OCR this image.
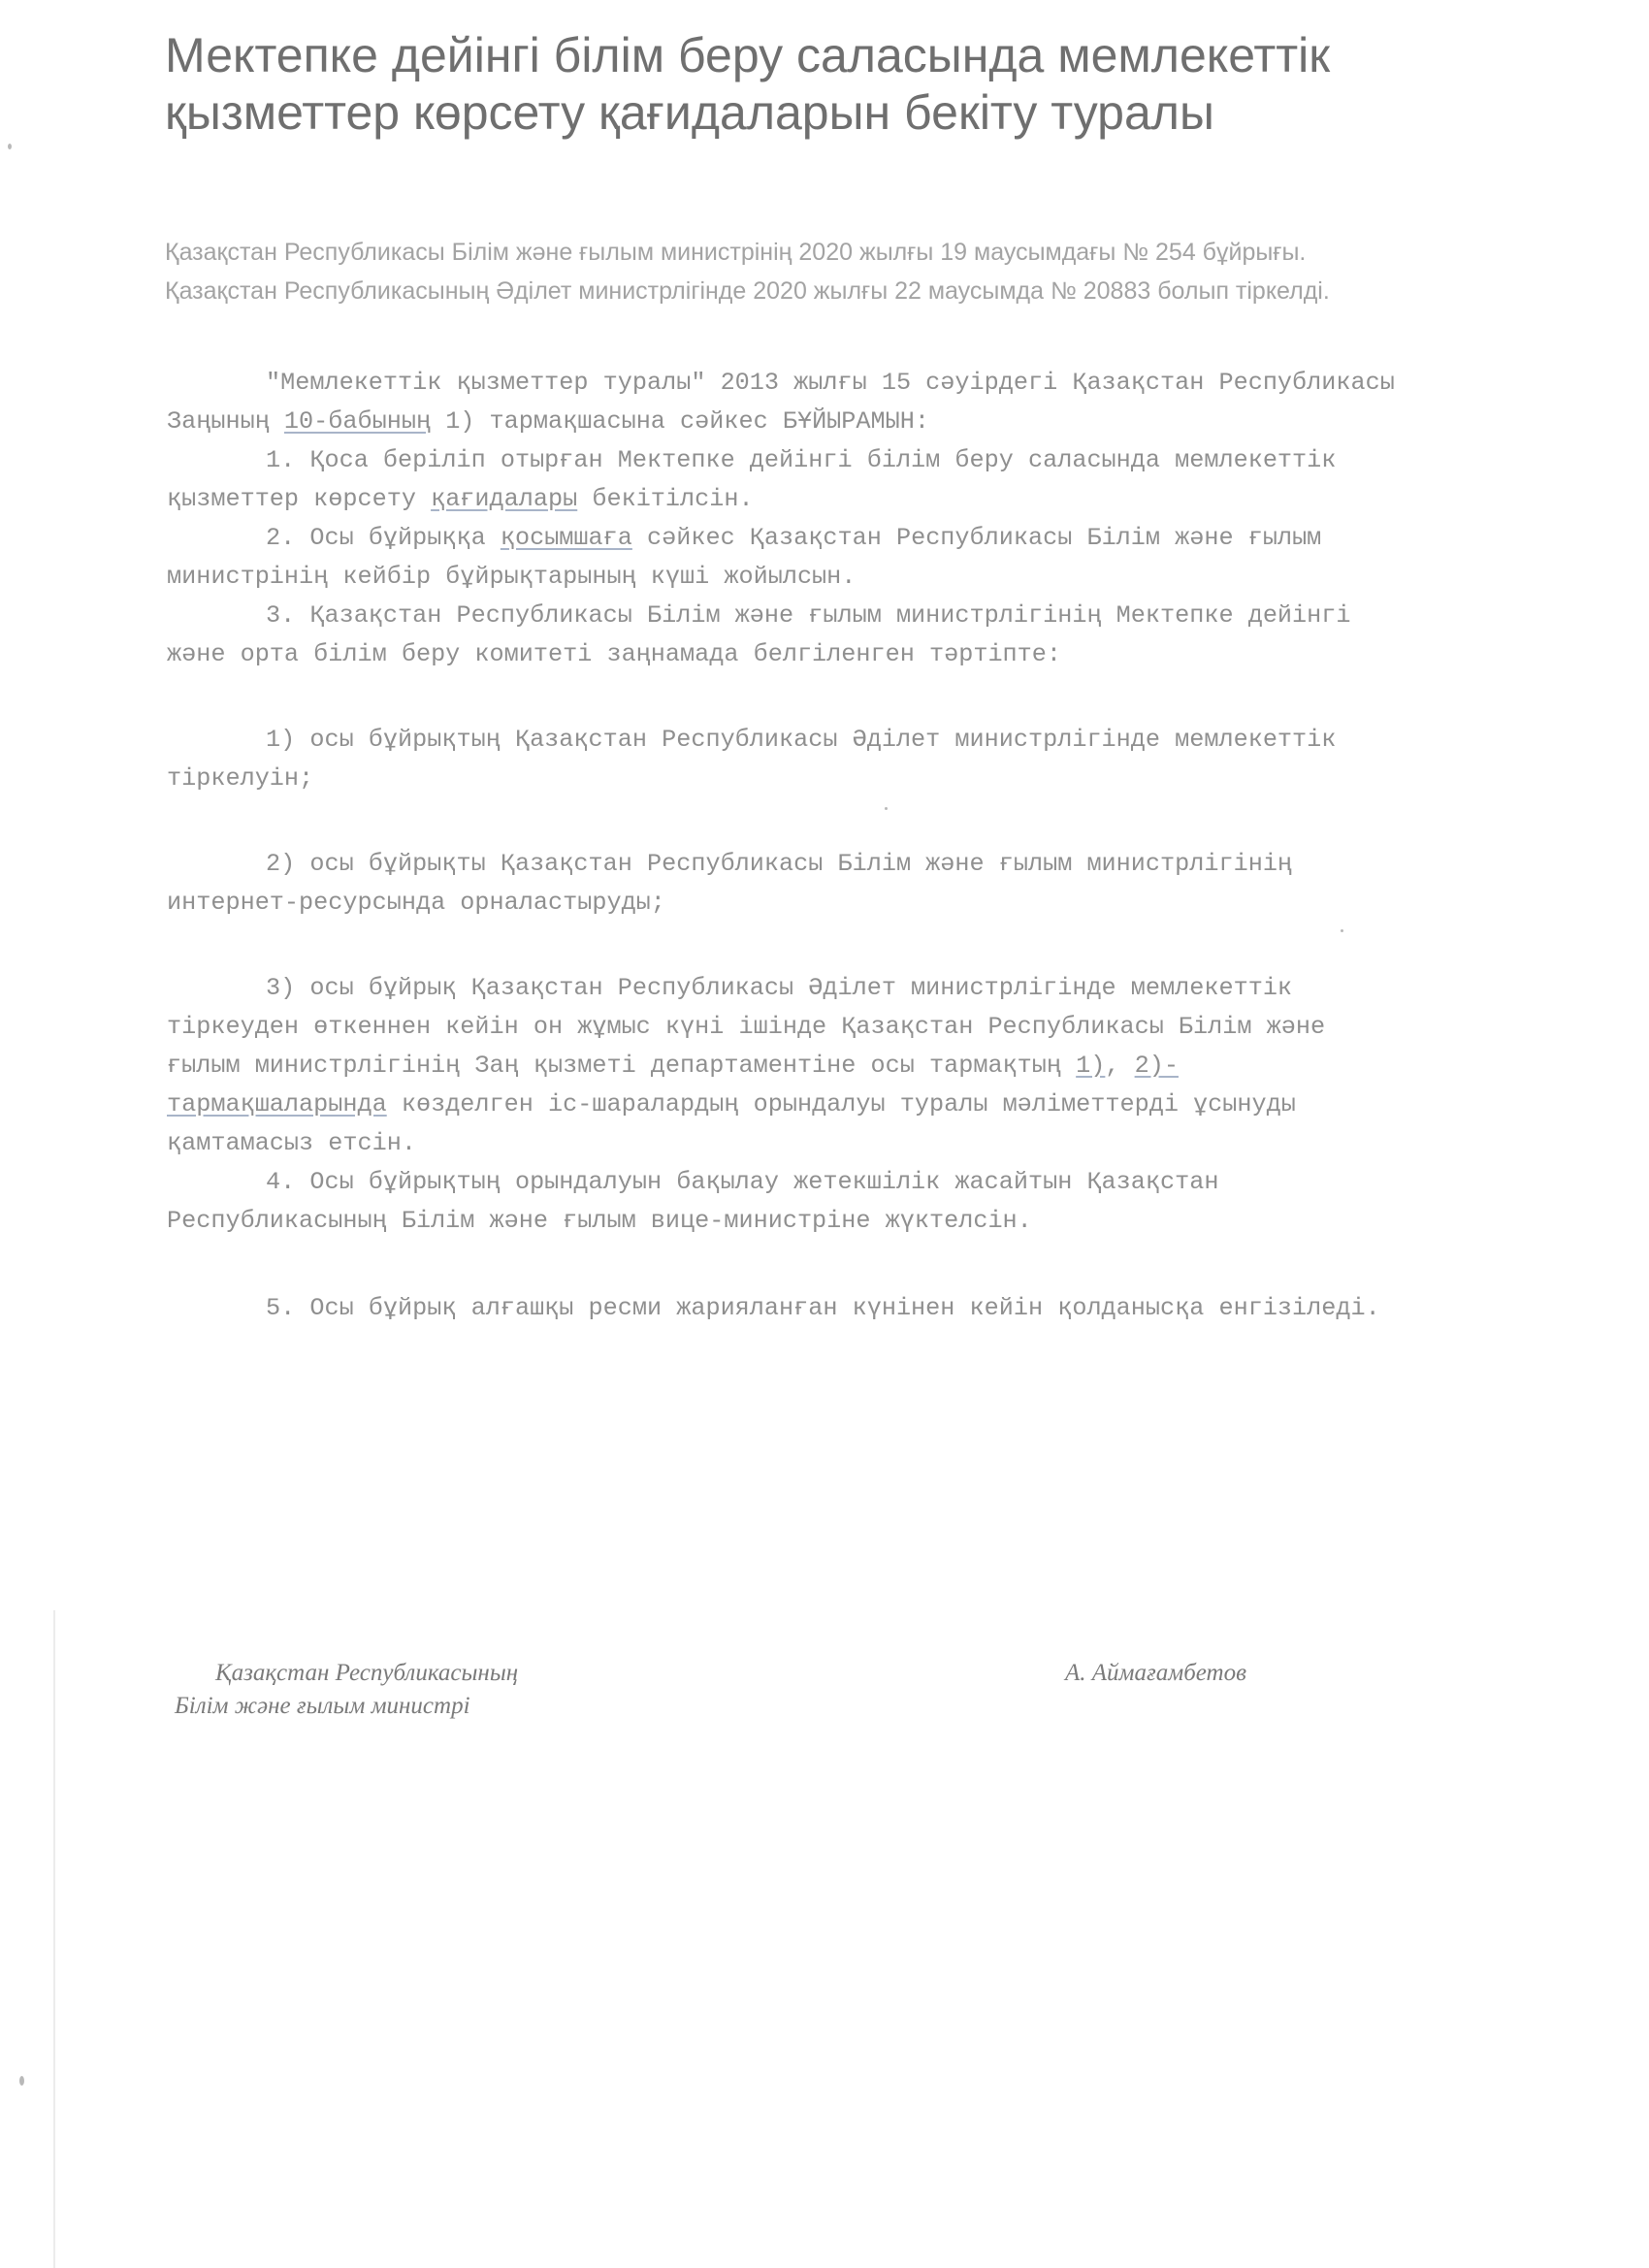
Мектепке дейінгі білім беру саласында мемлекеттік
қызметтер көрсету қағидаларын бекіту туралы
Қазақстан Республикасы Білім және ғылым министрінің 2020 жылғы 19 маусымдағы № 254 бұйрығы.
Қазақстан Республикасының Әділет министрлігінде 2020 жылғы 22 маусымда № 20883 болып тіркелді.
"Мемлекеттік қызметтер туралы" 2013 жылғы 15 сәуірдегі Қазақстан Республикасы
Заңының 10-бабының 1) тармақшасына сәйкес БҰЙЫРАМЫН:
1. Қоса беріліп отырған Мектепке дейінгі білім беру саласында мемлекеттік
қызметтер көрсету қағидалары бекітілсін.
2. Осы бұйрыққа қосымшаға сәйкес Қазақстан Республикасы Білім және ғылым
министрінің кейбір бұйрықтарының күші жойылсын.
3. Қазақстан Республикасы Білім және ғылым министрлігінің Мектепке дейінгі
және орта білім беру комитеті заңнамада белгіленген тәртіпте:
1) осы бұйрықтың Қазақстан Республикасы Әділет министрлігінде мемлекеттік
тіркелуін;
2) осы бұйрықты Қазақстан Республикасы Білім және ғылым министрлігінің
интернет-ресурсында орналастыруды;
3) осы бұйрық Қазақстан Республикасы Әділет министрлігінде мемлекеттік
тіркеуден өткеннен кейін он жұмыс күні ішінде Қазақстан Республикасы Білім және
ғылым министрлігінің Заң қызметі департаментіне осы тармақтың 1), 2)-
тармақшаларында көзделген іс-шаралардың орындалуы туралы мәліметтерді ұсынуды
қамтамасыз етсін.
4. Осы бұйрықтың орындалуын бақылау жетекшілік жасайтын Қазақстан
Республикасының Білім және ғылым вице-министріне жүктелсін.
5. Осы бұйрық алғашқы ресми жарияланған күнінен кейін қолданысқа енгізіледі.
Қазақстан Республикасының
Білім және ғылым министрі
А. Аймағамбетов
